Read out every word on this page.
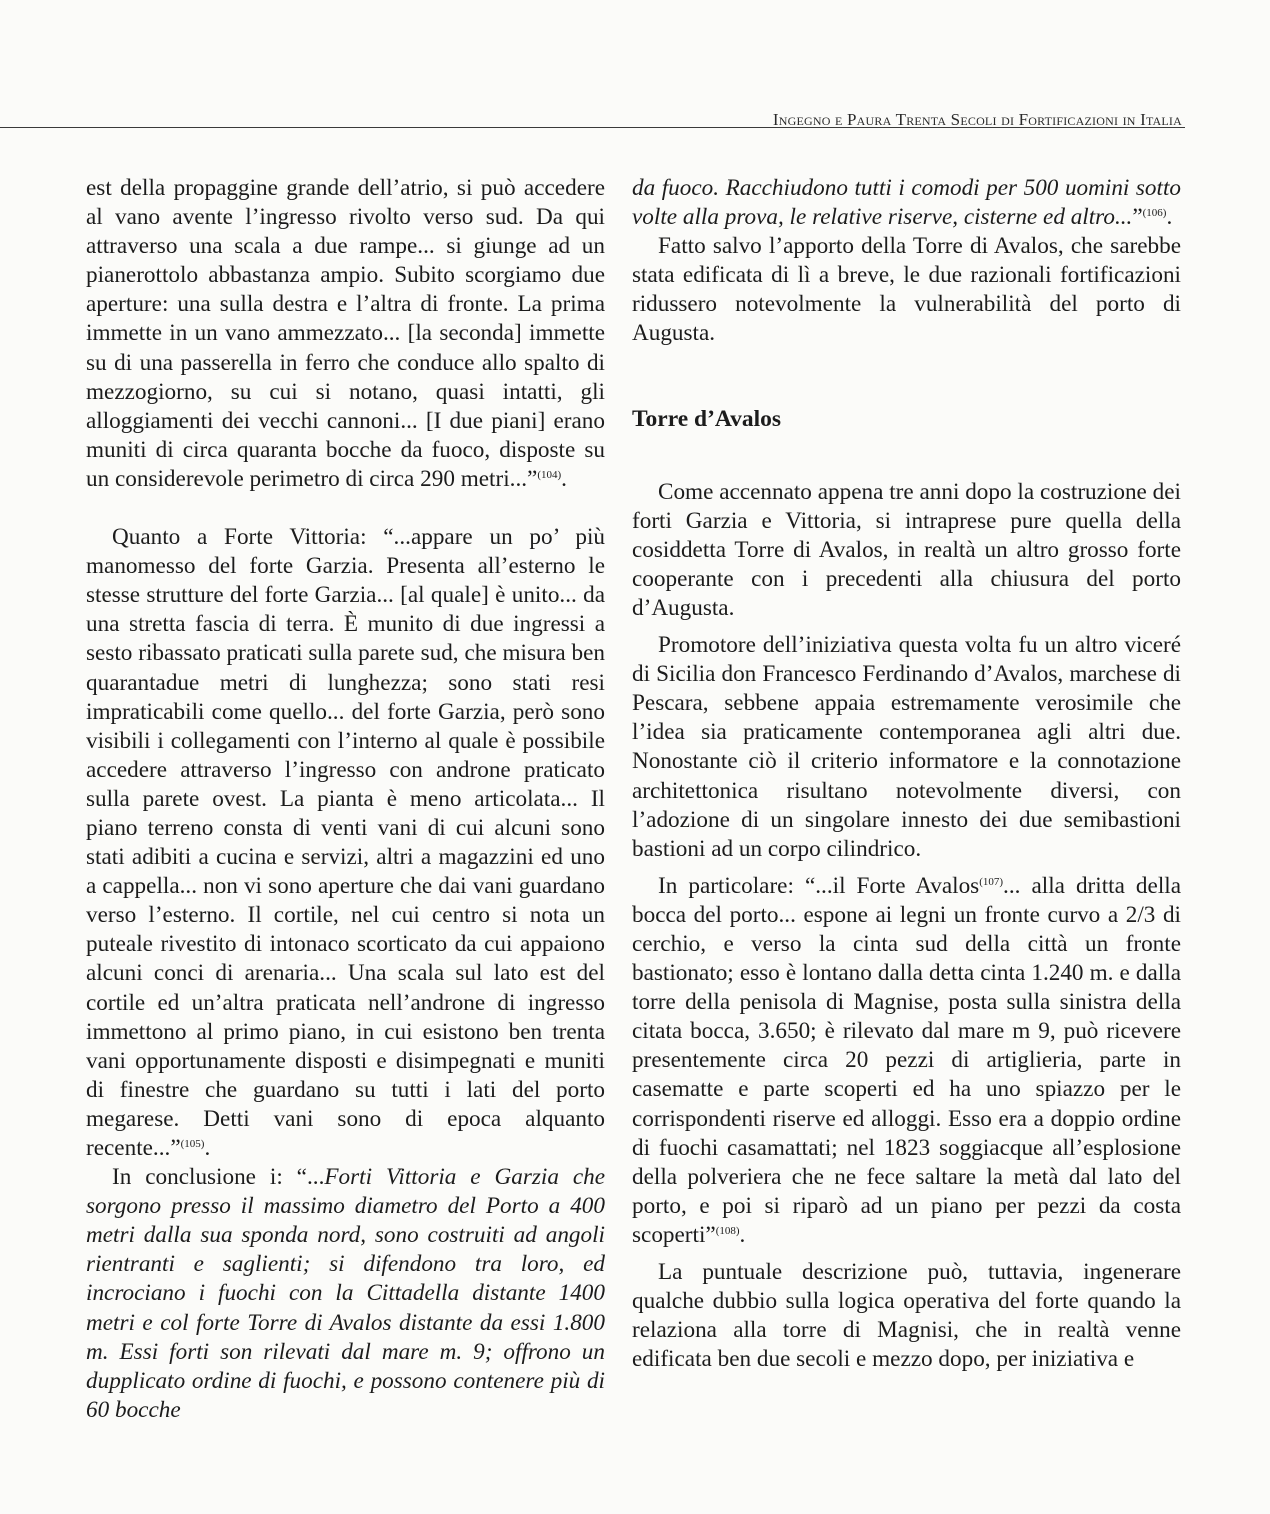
Ingegno e Paura Trenta Secoli di Fortificazioni in Italia

est della propaggine grande dell’atrio, si può accedere al vano avente l’ingresso rivolto verso sud. Da qui attraverso una scala a due rampe... si giunge ad un pianerottolo abbastanza ampio. Subito scorgiamo due aperture: una sulla destra e l’altra di fronte. La prima immette in un vano ammezzato... [la seconda] immette su di una passerella in ferro che conduce allo spalto di mezzogiorno, su cui si notano, quasi intatti, gli alloggiamenti dei vecchi cannoni... [I due piani] erano muniti di circa quaranta bocche da fuoco, disposte su un considerevole perimetro di circa 290 metri...”$^{(104)}$.

Quanto a Forte Vittoria: “...appare un po’ più manomesso del forte Garzia. Presenta all’esterno le stesse strutture del forte Garzia... [al quale] è unito... da una stretta fascia di terra. È munito di due ingressi a sesto ribassato praticati sulla parete sud, che misura ben quarantadue metri di lunghezza; sono stati resi impraticabili come quello... del forte Garzia, però sono visibili i collegamenti con l’interno al quale è possibile accedere attraverso l’ingresso con androne praticato sulla parete ovest. La pianta è meno articolata... Il piano terreno consta di venti vani di cui alcuni sono stati adibiti a cucina e servizi, altri a magazzini ed uno a cappella... non vi sono aperture che dai vani guardano verso l’esterno. Il cortile, nel cui centro si nota un puteale rivestito di intonaco scorticato da cui appaiono alcuni conci di arenaria... Una scala sul lato est del cortile ed un’altra praticata nell’androne di ingresso immettono al primo piano, in cui esistono ben trenta vani opportunamente disposti e disimpegnati e muniti di finestre che guardano su tutti i lati del porto megarese. Detti vani sono di epoca alquanto recente...”$^{(105)}$.

In conclusione i: “...Forti Vittoria e Garzia che sorgono presso il massimo diametro del Porto a 400 metri dalla sua sponda nord, sono costruiti ad angoli rientranti e saglienti; si difendono tra loro, ed incrociano i fuochi con la Cittadella distante 1400 metri e col forte Torre di Avalos distante da essi 1.800 m. Essi forti son rilevati dal mare m. 9; offrono un dupplicato ordine di fuochi, e possono contenere più di 60 bocche

da fuoco. Racchiudono tutti i comodi per 500 uomini sotto volte alla prova, le relative riserve, cisterne ed altro...”$^{(106)}$.

Fatto salvo l’apporto della Torre di Avalos, che sarebbe stata edificata di lì a breve, le due razionali fortificazioni ridussero notevolmente la vulnerabilità del porto di Augusta.

Torre d’Avalos

Come accennato appena tre anni dopo la costruzione dei forti Garzia e Vittoria, si intraprese pure quella della cosiddetta Torre di Avalos, in realtà un altro grosso forte cooperante con i precedenti alla chiusura del porto d’Augusta.

Promotore dell’iniziativa questa volta fu un altro viceré di Sicilia don Francesco Ferdinando d’Avalos, marchese di Pescara, sebbene appaia estremamente verosimile che l’idea sia praticamente contemporanea agli altri due. Nonostante ciò il criterio informatore e la connotazione architettonica risultano notevolmente diversi, con l’adozione di un singolare innesto dei due semibastioni bastioni ad un corpo cilindrico.

In particolare: “...il Forte Avalos$^{(107)}$... alla dritta della bocca del porto... espone ai legni un fronte curvo a 2/3 di cerchio, e verso la cinta sud della città un fronte bastionato; esso è lontano dalla detta cinta 1.240 m. e dalla torre della penisola di Magnise, posta sulla sinistra della citata bocca, 3.650; è rilevato dal mare m 9, può ricevere presentemente circa 20 pezzi di artiglieria, parte in casematte e parte scoperti ed ha uno spiazzo per le corrispondenti riserve ed alloggi. Esso era a doppio ordine di fuochi casamattati; nel 1823 soggiacque all’esplosione della polveriera che ne fece saltare la metà dal lato del porto, e poi si riparò ad un piano per pezzi da costa scoperti”$^{(108)}$.

La puntuale descrizione può, tuttavia, ingenerare qualche dubbio sulla logica operativa del forte quando la relaziona alla torre di Magnisi, che in realtà venne edificata ben due secoli e mezzo dopo, per iniziativa e
